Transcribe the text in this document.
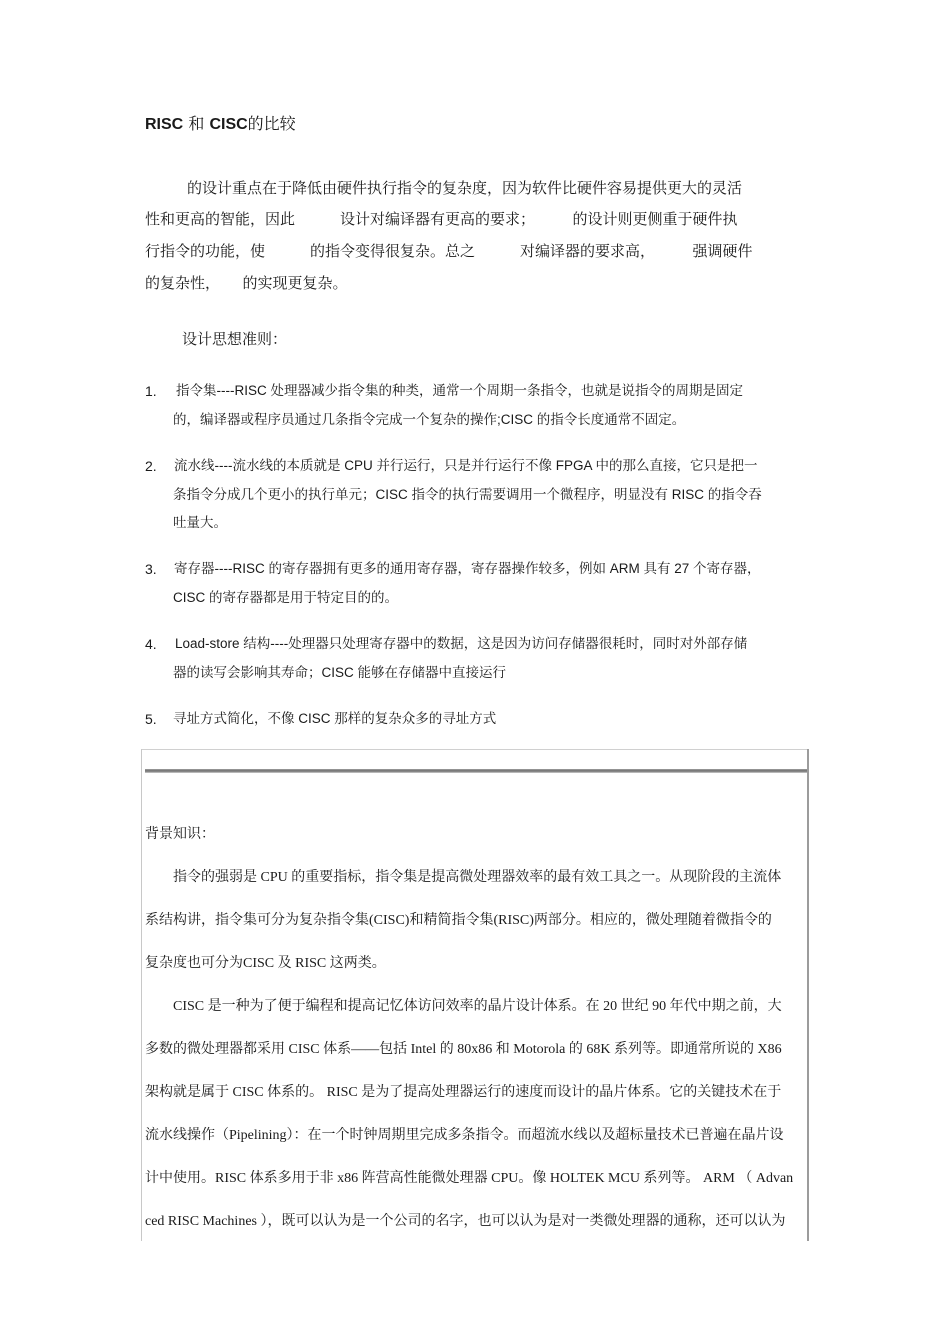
RISC 和 CISC的比较
的设计重点在于降低由硬件执行指令的复杂度，因为软件比硬件容易提供更大的灵活
性和更高的智能，因此　　　设计对编译器有更高的要求；　　　的设计则更侧重于硬件执
行指令的功能，使　　　的指令变得很复杂。总之　　　对编译器的要求高，　　　强调硬件
的复杂性，　　的实现更复杂。
设计思想准则：
1. 指令集----RISC 处理器减少指令集的种类，通常一个周期一条指令，也就是说指令的周期是固定
的，编译器或程序员通过几条指令完成一个复杂的操作;CISC 的指令长度通常不固定。
2. 流水线----流水线的本质就是 CPU 并行运行，只是并行运行不像 FPGA 中的那么直接，它只是把一
条指令分成几个更小的执行单元；CISC 指令的执行需要调用一个微程序，明显没有 RISC 的指令吞
吐量大。
3. 寄存器----RISC 的寄存器拥有更多的通用寄存器，寄存器操作较多，例如 ARM 具有 27 个寄存器，
CISC 的寄存器都是用于特定目的的。
4. Load-store 结构----处理器只处理寄存器中的数据，这是因为访问存储器很耗时，同时对外部存储
器的读写会影响其寿命；CISC 能够在存储器中直接运行
5. 寻址方式简化，不像 CISC 那样的复杂众多的寻址方式
背景知识：
指令的强弱是 CPU 的重要指标，指令集是提高微处理器效率的最有效工具之一。从现阶段的主流体
系结构讲，指令集可分为复杂指令集(CISC)和精简指令集(RISC)两部分。相应的，微处理随着微指令的
复杂度也可分为CISC 及 RISC 这两类。
CISC 是一种为了便于编程和提高记忆体访问效率的晶片设计体系。在 20 世纪 90 年代中期之前，大
多数的微处理器都采用 CISC 体系——包括 Intel 的 80x86 和 Motorola 的 68K 系列等。即通常所说的 X86
架构就是属于 CISC 体系的。 RISC 是为了提高处理器运行的速度而设计的晶片体系。它的关键技术在于
流水线操作（Pipelining）：在一个时钟周期里完成多条指令。而超流水线以及超标量技术已普遍在晶片设
计中使用。RISC 体系多用于非 x86 阵营高性能微处理器 CPU。像 HOLTEK MCU 系列等。 ARM （ Advan
ced RISC Machines ），既可以认为是一个公司的名字，也可以认为是对一类微处理器的通称，还可以认为
